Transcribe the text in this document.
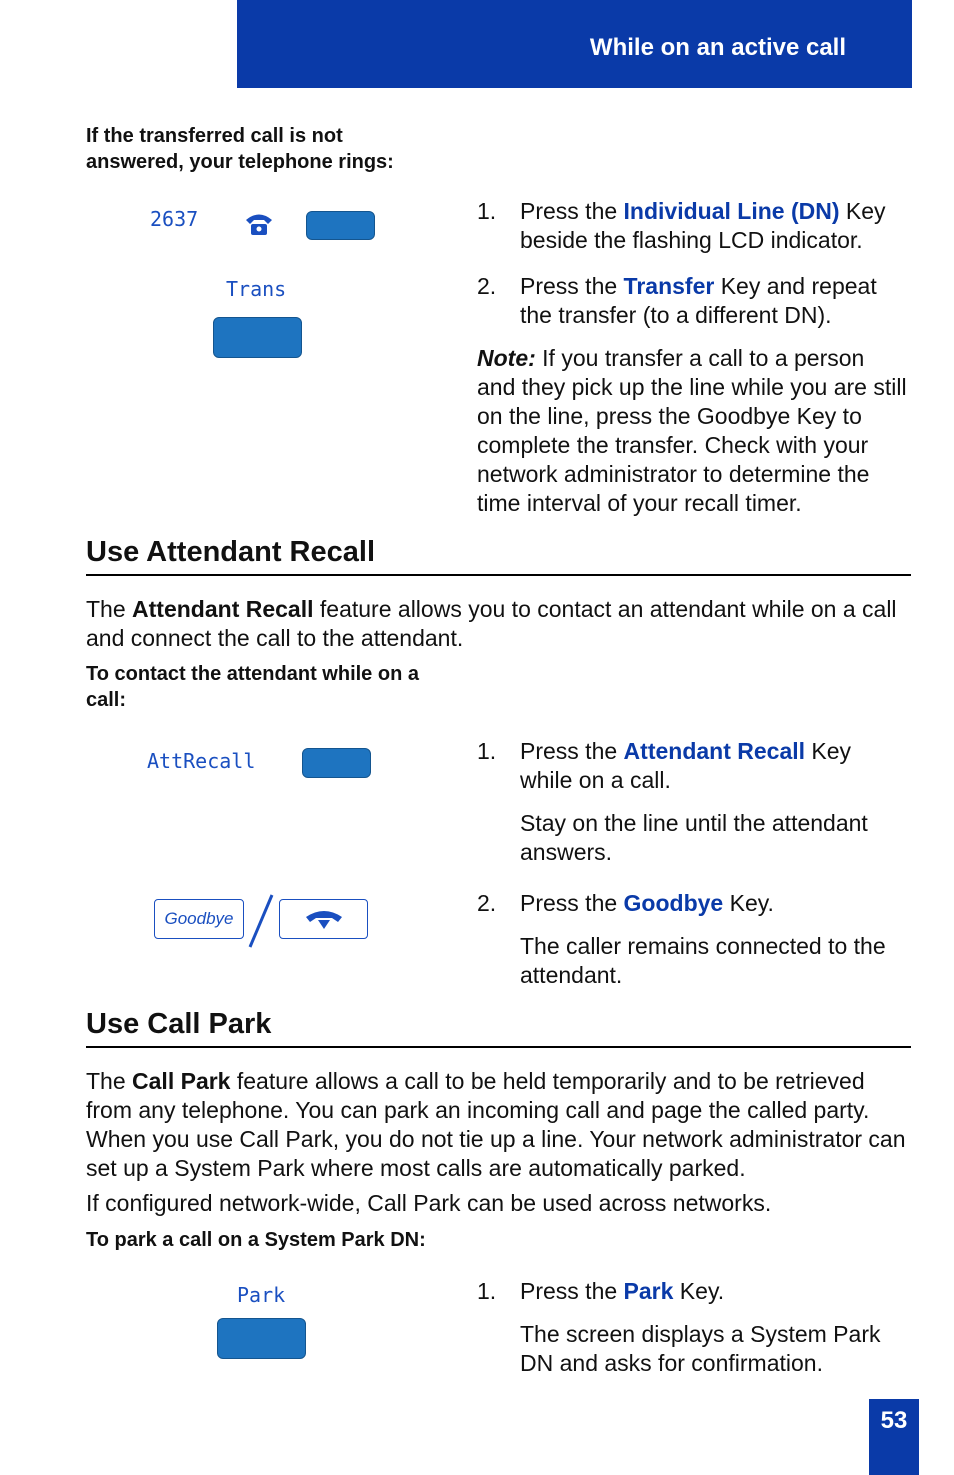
While on an active call
If the transferred call is not answered, your telephone rings:
2637
Trans
1. Press the Individual Line (DN) Key beside the flashing LCD indicator.
2. Press the Transfer Key and repeat the transfer (to a different DN).
Note: If you transfer a call to a person and they pick up the line while you are still on the line, press the Goodbye Key to complete the transfer. Check with your network administrator to determine the time interval of your recall timer.
Use Attendant Recall
The Attendant Recall feature allows you to contact an attendant while on a call and connect the call to the attendant.
To contact the attendant while on a call:
AttRecall
Goodbye
1. Press the Attendant Recall Key while on a call.
Stay on the line until the attendant answers.
2. Press the Goodbye Key.
The caller remains connected to the attendant.
Use Call Park
The Call Park feature allows a call to be held temporarily and to be retrieved from any telephone. You can park an incoming call and page the called party. When you use Call Park, you do not tie up a line. Your network administrator can set up a System Park where most calls are automatically parked.
If configured network-wide, Call Park can be used across networks.
To park a call on a System Park DN:
Park	1. Press the Park Key.
The screen displays a System Park DN and asks for confirmation.
53
